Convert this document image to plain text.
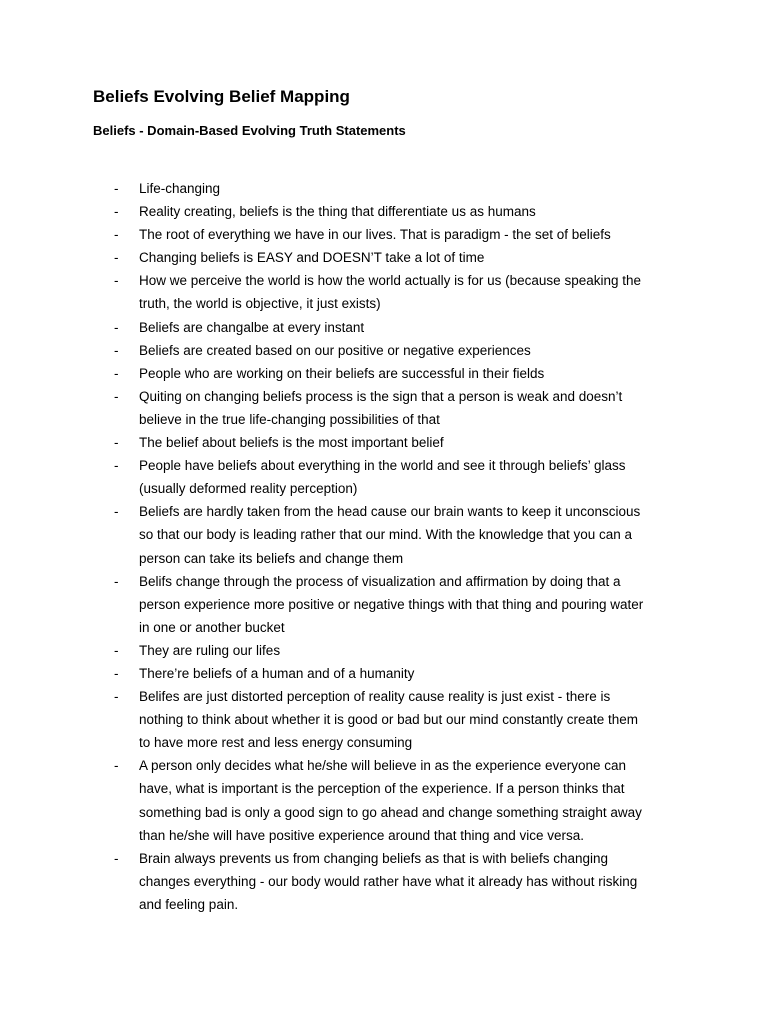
Beliefs Evolving Belief Mapping
Beliefs - Domain-Based Evolving Truth Statements
- Life-changing
- Reality creating, beliefs is the thing that differentiate us as humans
- The root of everything we have in our lives. That is paradigm - the set of beliefs
- Changing beliefs is EASY and DOESN’T take a lot of time
- How we perceive the world is how the world actually is for us (because speaking the
truth, the world is objective, it just exists)
- Beliefs are changalbe at every instant
- Beliefs are created based on our positive or negative experiences
- People who are working on their beliefs are successful in their fields
- Quiting on changing beliefs process is the sign that a person is weak and doesn’t
believe in the true life-changing possibilities of that
- The belief about beliefs is the most important belief
- People have beliefs about everything in the world and see it through beliefs’ glass
(usually deformed reality perception)
- Beliefs are hardly taken from the head cause our brain wants to keep it unconscious
so that our body is leading rather that our mind. With the knowledge that you can a
person can take its beliefs and change them
- Belifs change through the process of visualization and affirmation by doing that a
person experience more positive or negative things with that thing and pouring water
in one or another bucket
- They are ruling our lifes
- There’re beliefs of a human and of a humanity
- Belifes are just distorted perception of reality cause reality is just exist - there is
nothing to think about whether it is good or bad but our mind constantly create them
to have more rest and less energy consuming
- A person only decides what he/she will believe in as the experience everyone can
have, what is important is the perception of the experience. If a person thinks that
something bad is only a good sign to go ahead and change something straight away
than he/she will have positive experience around that thing and vice versa.
- Brain always prevents us from changing beliefs as that is with beliefs changing
changes everything - our body would rather have what it already has without risking
and feeling pain.
